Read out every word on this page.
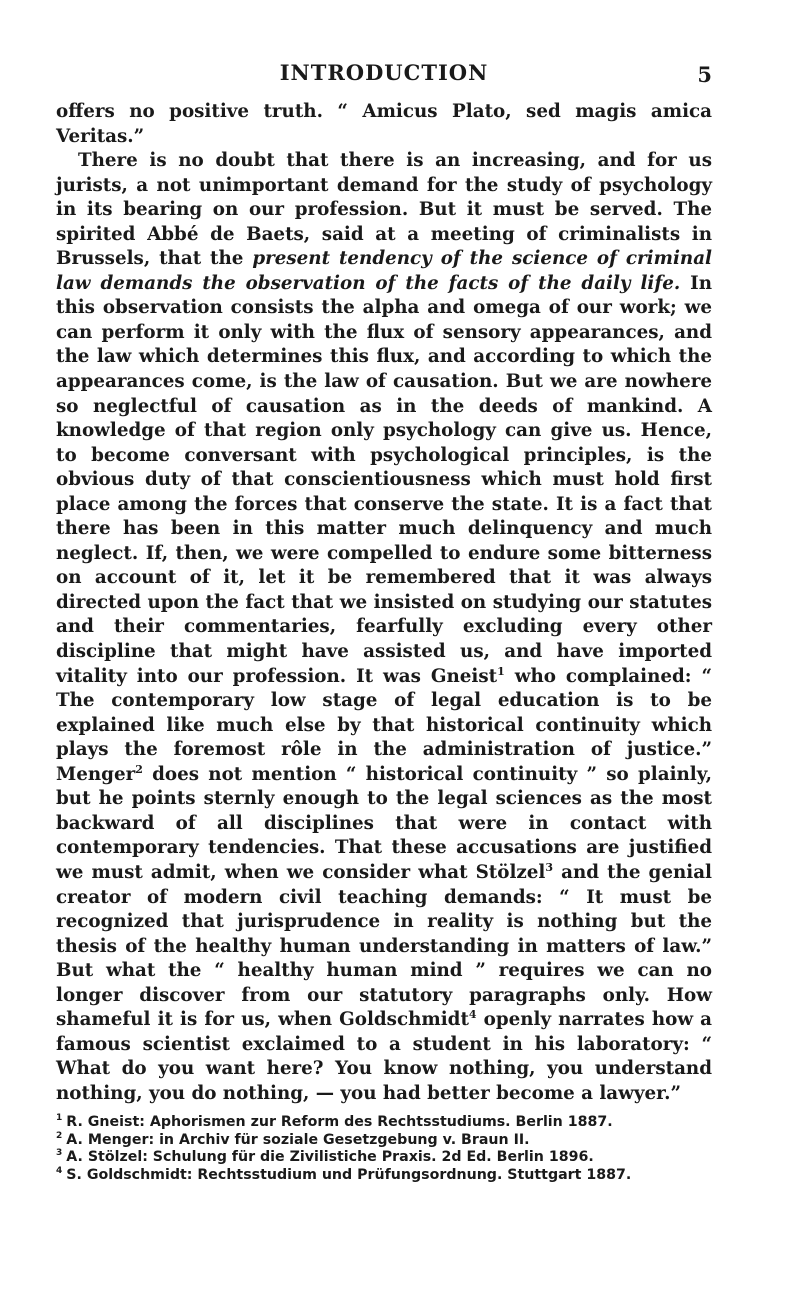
INTRODUCTION	5

offers no positive truth. “ Amicus Plato, sed magis amica Veritas.”

There is no doubt that there is an increasing, and for us jurists, a not unimportant demand for the study of psychology in its bearing on our profession. But it must be served. The spirited Abbé de Baets, said at a meeting of criminalists in Brussels, that the present tendency of the science of criminal law demands the observation of the facts of the daily life. In this observation consists the alpha and omega of our work; we can perform it only with the flux of sensory appearances, and the law which determines this flux, and according to which the appearances come, is the law of causation. But we are nowhere so neglectful of causation as in the deeds of mankind. A knowledge of that region only psychology can give us. Hence, to become conversant with psychological principles, is the obvious duty of that conscientiousness which must hold first place among the forces that conserve the state. It is a fact that there has been in this matter much delinquency and much neglect. If, then, we were compelled to endure some bitterness on account of it, let it be remembered that it was always directed upon the fact that we insisted on studying our statutes and their commentaries, fearfully excluding every other discipline that might have assisted us, and have imported vitality into our profession. It was Gneist$^1$ who complained: “ The contemporary low stage of legal education is to be explained like much else by that historical continuity which plays the foremost rôle in the administration of justice.” Menger$^2$ does not mention “ historical continuity ” so plainly, but he points sternly enough to the legal sciences as the most backward of all disciplines that were in contact with contemporary tendencies. That these accusations are justified we must admit, when we consider what Stölzel$^3$ and the genial creator of modern civil teaching demands: “ It must be recognized that jurisprudence in reality is nothing but the thesis of the healthy human understanding in matters of law.” But what the “ healthy human mind ” requires we can no longer discover from our statutory paragraphs only. How shameful it is for us, when Goldschmidt$^4$ openly narrates how a famous scientist exclaimed to a student in his laboratory: “ What do you want here? You know nothing, you understand nothing, you do nothing, — you had better become a lawyer.”

$^1$ R. Gneist: Aphorismen zur Reform des Rechtsstudiums. Berlin 1887.
$^2$ A. Menger: in Archiv für soziale Gesetzgebung v. Braun II.
$^3$ A. Stölzel: Schulung für die Zivilistiche Praxis. 2d Ed. Berlin 1896.
$^4$ S. Goldschmidt: Rechtsstudium und Prüfungsordnung. Stuttgart 1887.
